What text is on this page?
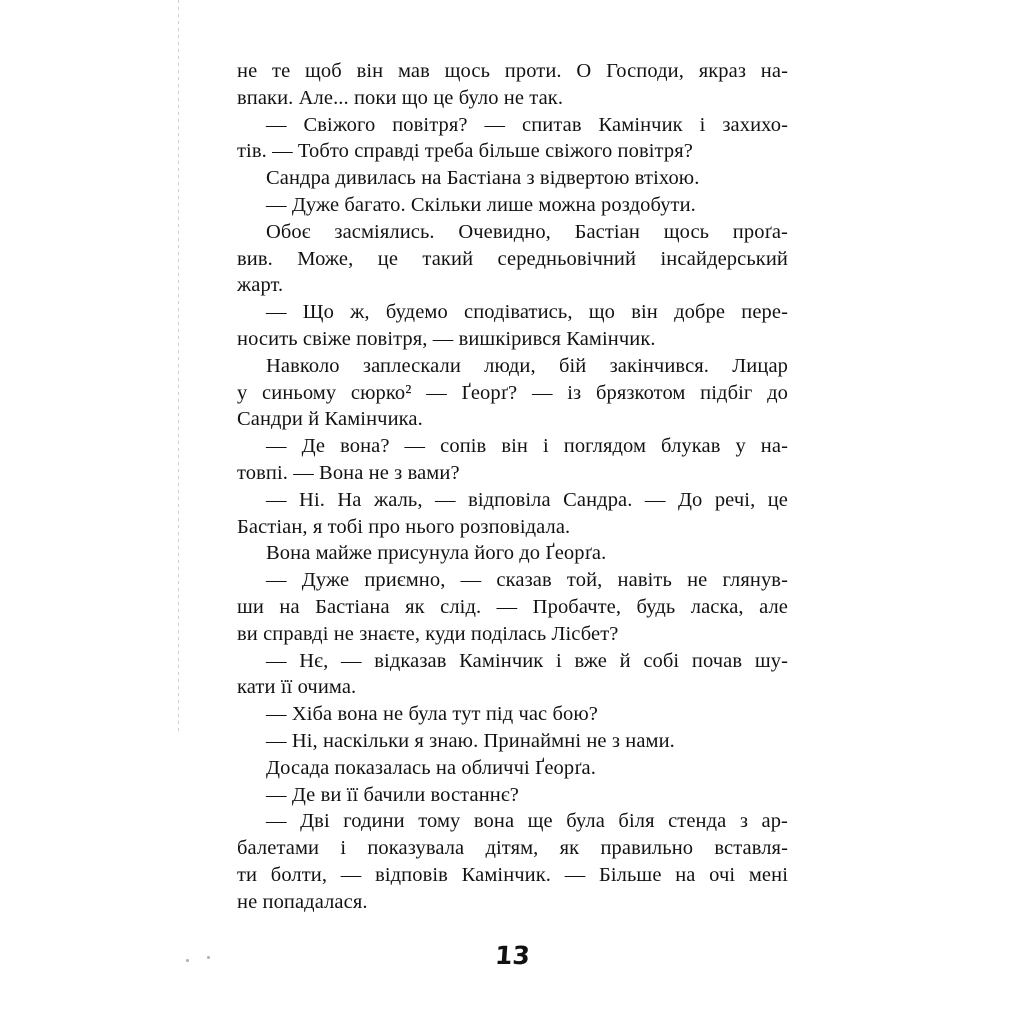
не те щоб він мав щось проти. О Господи, якраз на-
впаки. Але... поки що це було не так.
— Свіжого повітря? — спитав Камінчик і захихо-
тів. — Тобто справді треба більше свіжого повітря?
Сандра дивилась на Бастіана з відвертою втіхою.
— Дуже багато. Скільки лише можна роздобути.
Обоє засміялись. Очевидно, Бастіан щось проґа-
вив. Може, це такий середньовічний інсайдерський
жарт.
— Що ж, будемо сподіватись, що він добре пере-
носить свіже повітря, — вишкірився Камінчик.
Навколо заплескали люди, бій закінчився. Лицар
у синьому сюрко² — Ґеорґ? — із брязкотом підбіг до
Сандри й Камінчика.
— Де вона? — сопів він і поглядом блукав у на-
товпі. — Вона не з вами?
— Ні. На жаль, — відповіла Сандра. — До речі, це
Бастіан, я тобі про нього розповідала.
Вона майже присунула його до Ґеорґа.
— Дуже приємно, — сказав той, навіть не глянув-
ши на Бастіана як слід. — Пробачте, будь ласка, але
ви справді не знаєте, куди поділась Лісбет?
— Нє, — відказав Камінчик і вже й собі почав шу-
кати її очима.
— Хіба вона не була тут під час бою?
— Ні, наскільки я знаю. Принаймні не з нами.
Досада показалась на обличчі Ґеорґа.
— Де ви її бачили востаннє?
— Дві години тому вона ще була біля стенда з ар-
балетами і показувала дітям, як правильно вставля-
ти болти, — відповів Камінчик. — Більше на очі мені
не попадалася.
13
